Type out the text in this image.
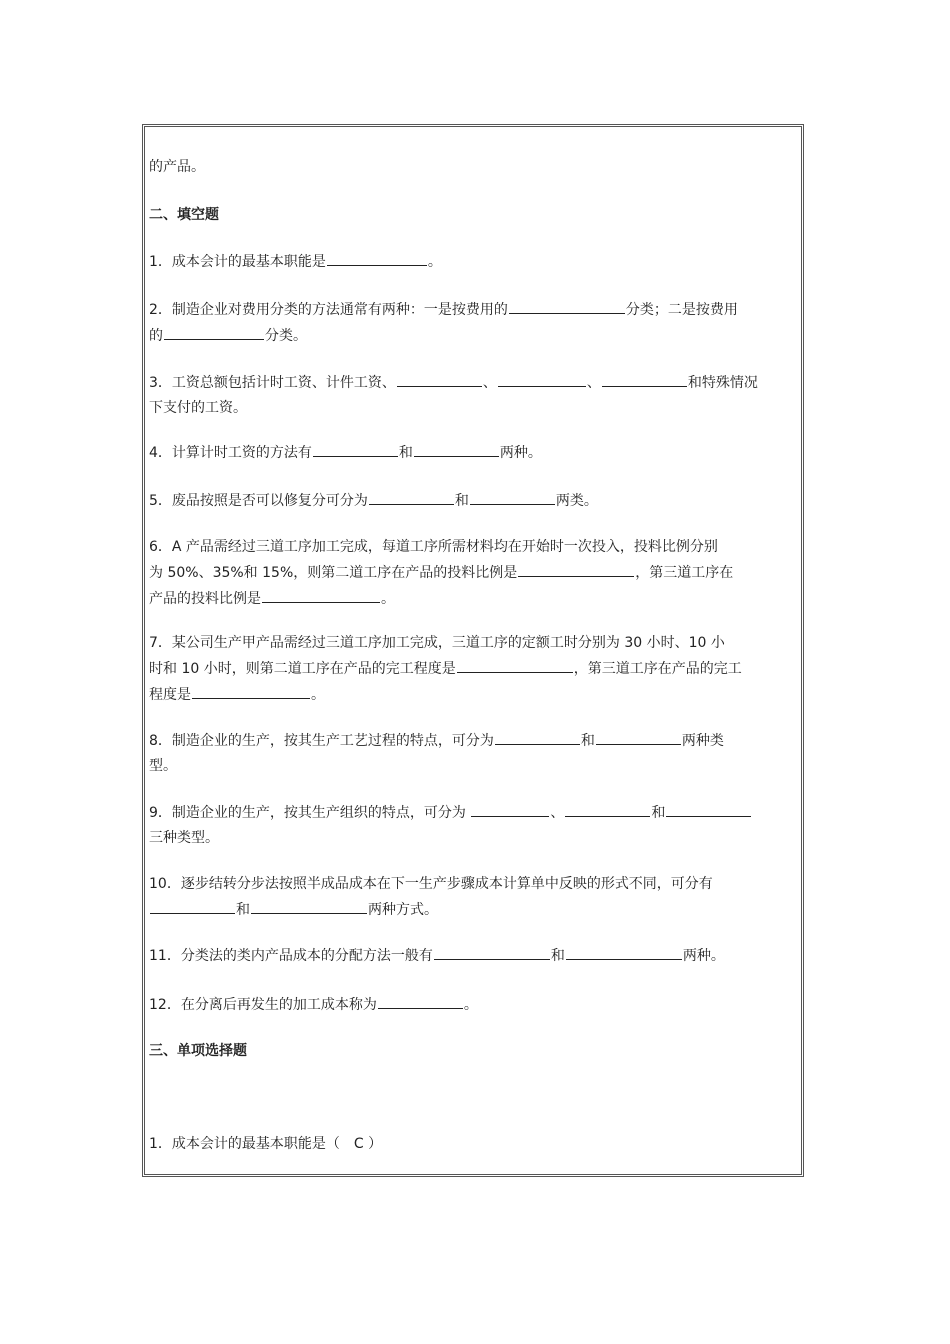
的产品。
二、填空题
1．成本会计的最基本职能是	。
2．制造企业对费用分类的方法通常有两种：一是按费用的	分类；二是按费用
的	分类。
3．工资总额包括计时工资、计件工资、	、	、	和特殊情况
下支付的工资。
4．计算计时工资的方法有	和	两种。
5．废品按照是否可以修复分可分为	和	两类。
6．A 产品需经过三道工序加工完成，每道工序所需材料均在开始时一次投入，投料比例分别
为 50%、35%和 15%，则第二道工序在产品的投料比例是	，第三道工序在
产品的投料比例是	。
7．某公司生产甲产品需经过三道工序加工完成，三道工序的定额工时分别为 30 小时、10 小
时和 10 小时，则第二道工序在产品的完工程度是	，第三道工序在产品的完工
程度是	。
8．制造企业的生产，按其生产工艺过程的特点，可分为	和	两种类
型。
9．制造企业的生产，按其生产组织的特点，可分为	、	和
三种类型。
10．逐步结转分步法按照半成品成本在下一生产步骤成本计算单中反映的形式不同，可分有
和	两种方式。
11．分类法的类内产品成本的分配方法一般有	和	两种。
12．在分离后再发生的加工成本称为	。
三、单项选择题
1．成本会计的最基本职能是（　C ）
